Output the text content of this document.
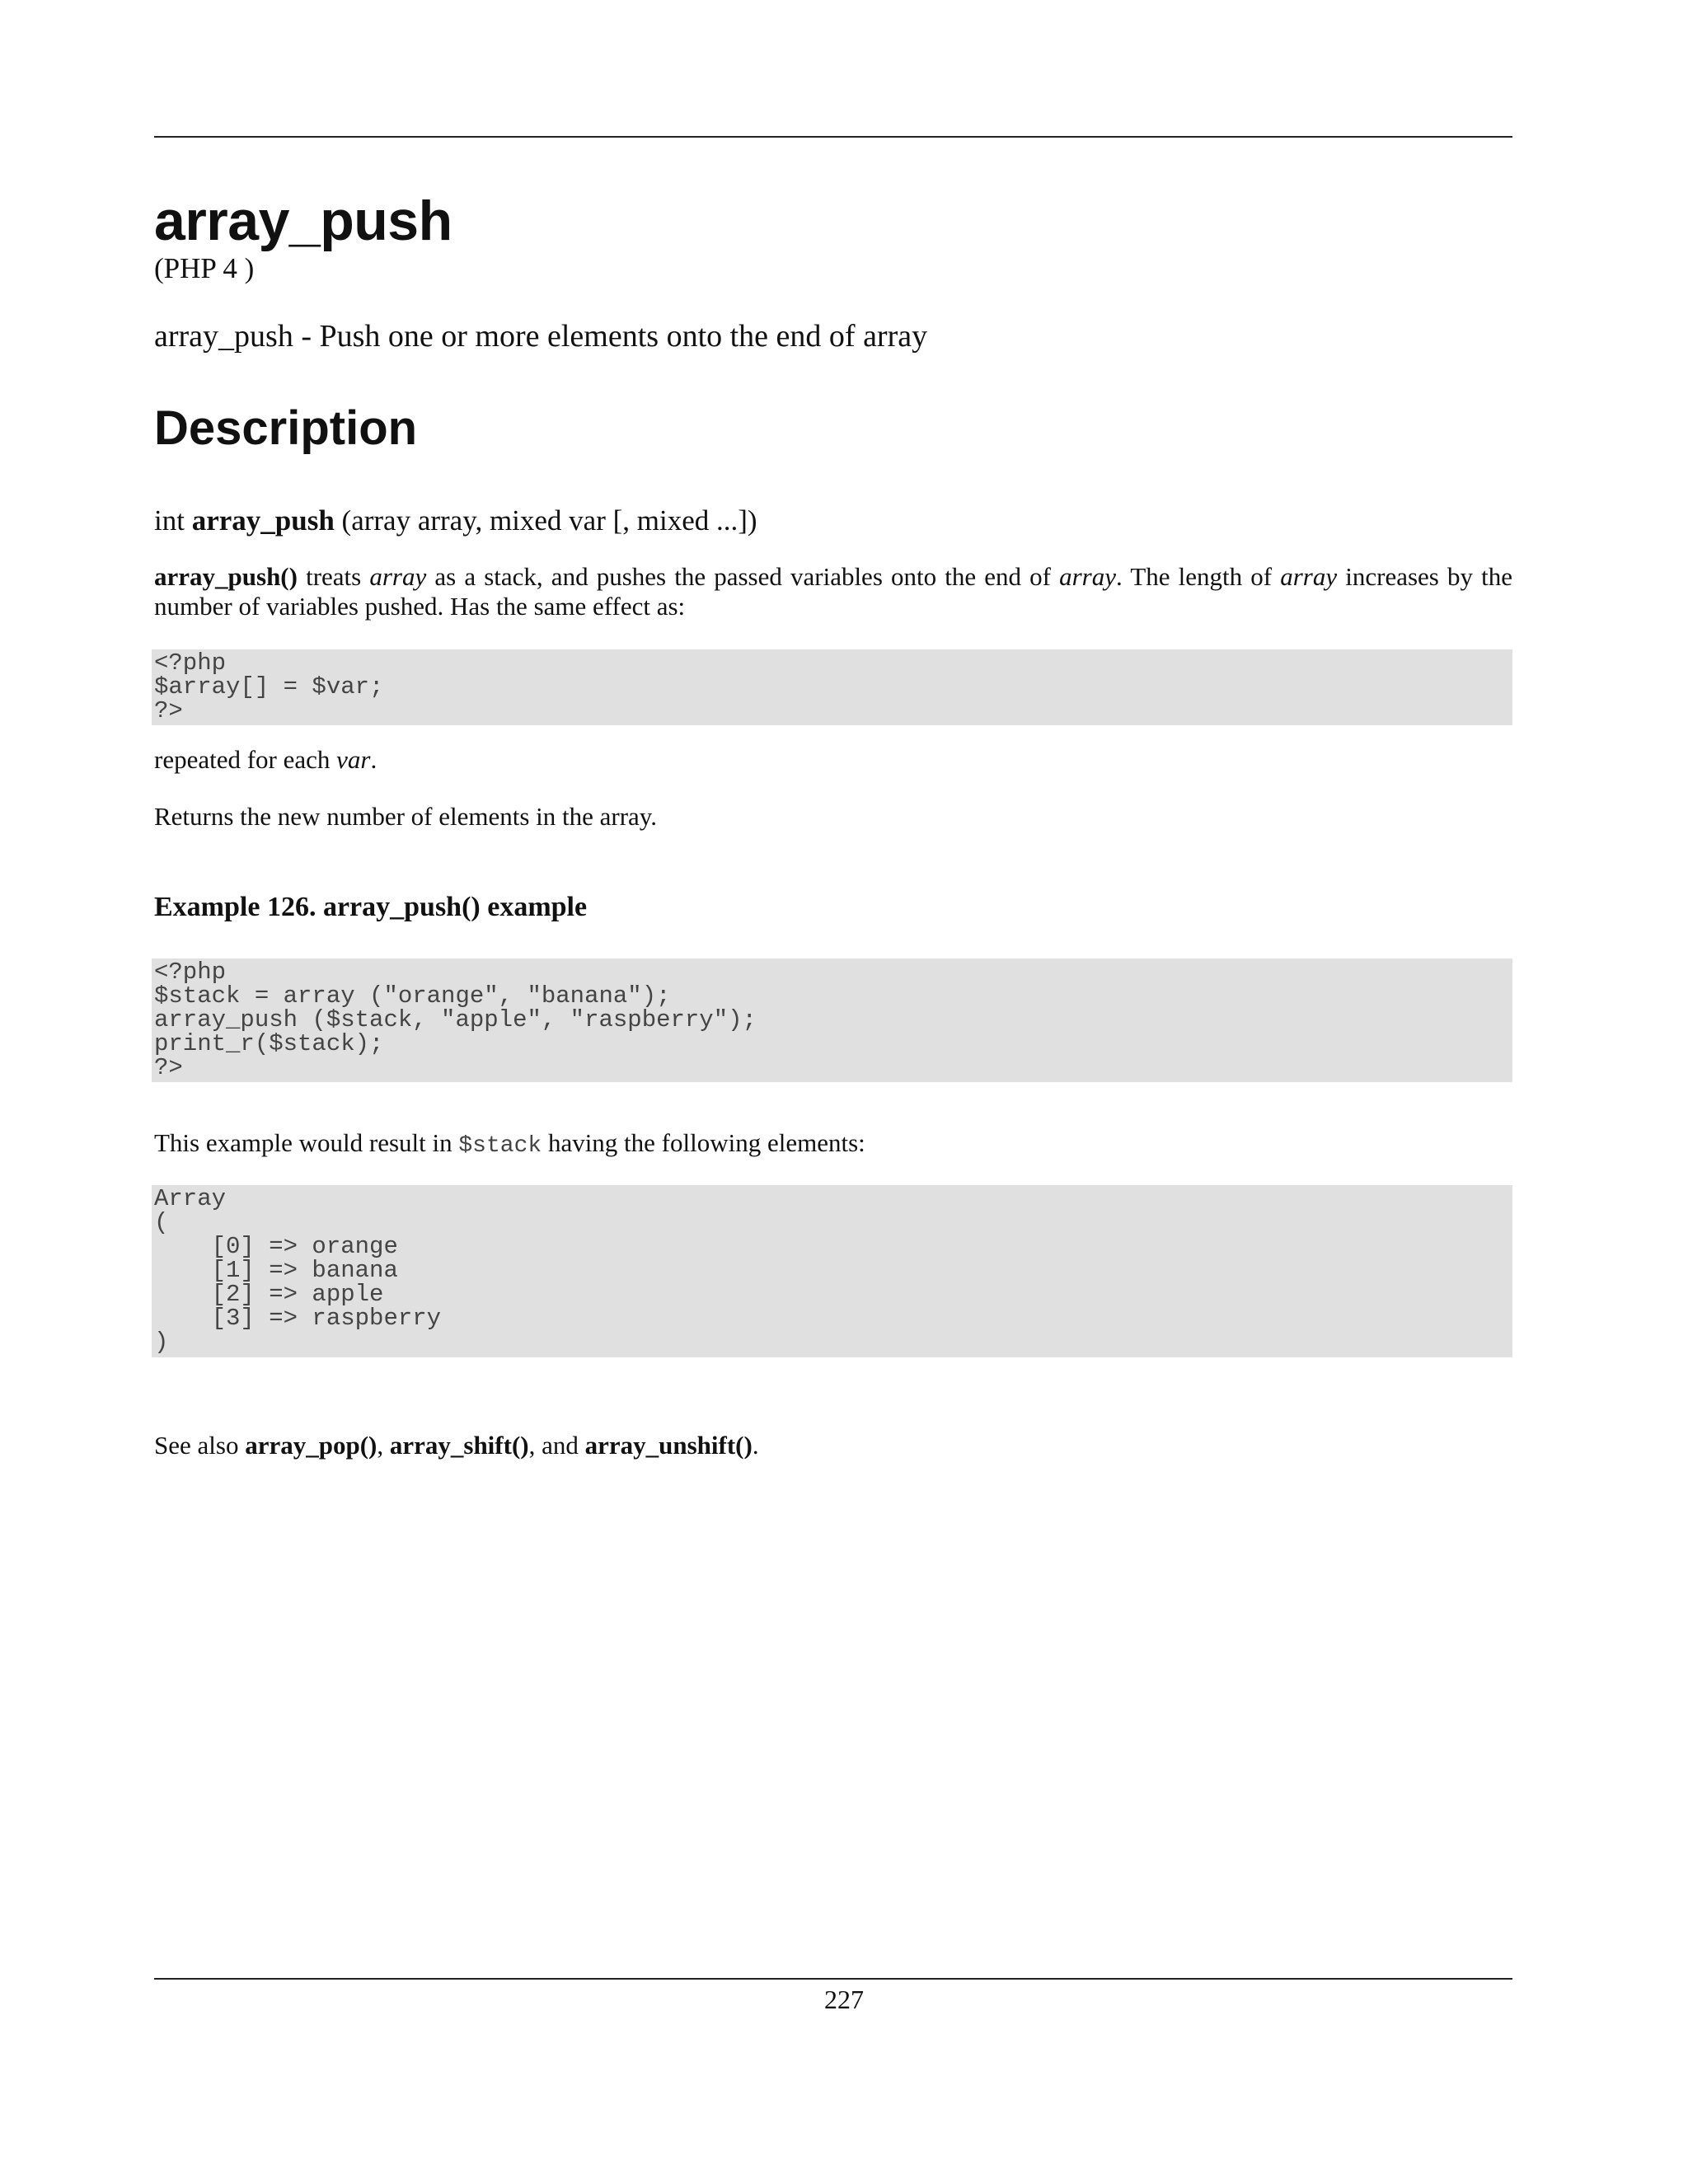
array_push
(PHP 4 )
array_push - Push one or more elements onto the end of array
Description
int array_push (array array, mixed var [, mixed ...])

array_push() treats array as a stack, and pushes the passed variables onto the end of array. The length of array increases by the number of variables pushed. Has the same effect as:

<?php
$array[] = $var;
?>

repeated for each var.

Returns the new number of elements in the array.

Example 126. array_push() example
<?php
$stack = array ("orange", "banana");
array_push ($stack, "apple", "raspberry");
print_r($stack);
?>

This example would result in $stack having the following elements:

Array
(
[0] => orange
[1] => banana
[2] => apple
[3] => raspberry
)

See also array_pop(), array_shift(), and array_unshift().

227
